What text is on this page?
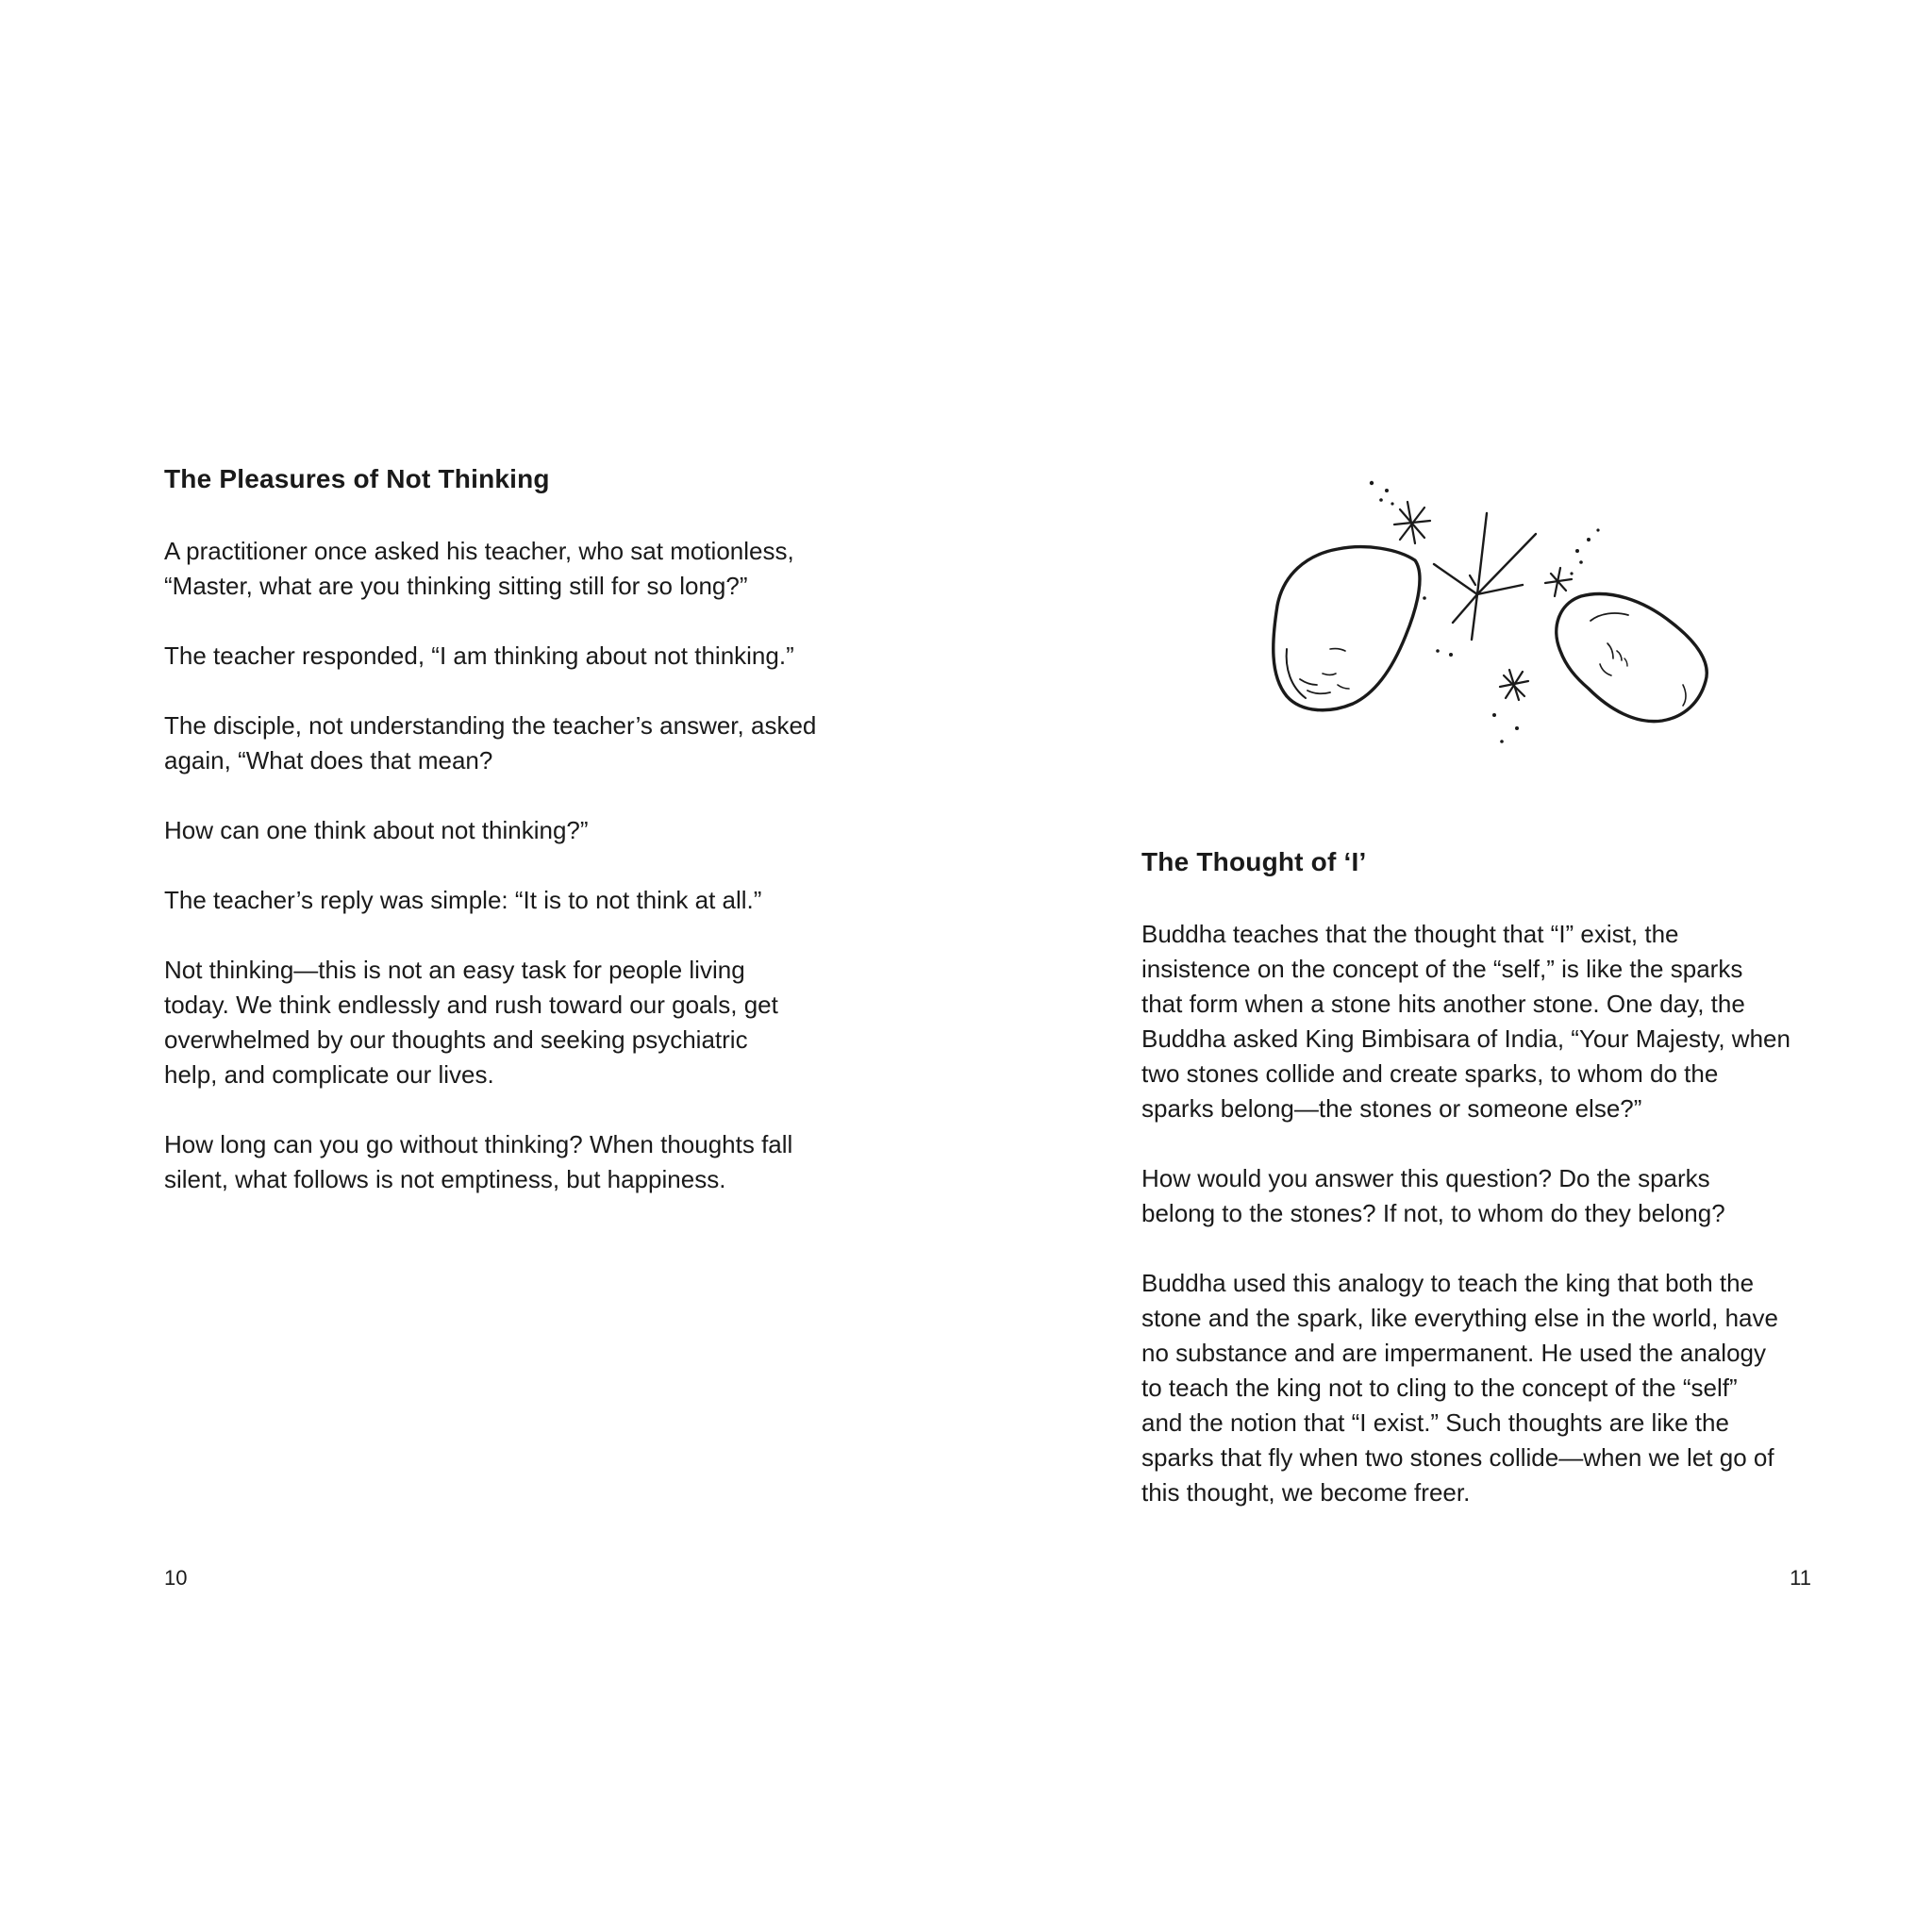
The Pleasures of Not Thinking

A practitioner once asked his teacher, who sat motionless,
“Master, what are you thinking sitting still for so long?”

The teacher responded, “I am thinking about not thinking.”

The disciple, not understanding the teacher’s answer, asked
again, “What does that mean?

How can one think about not thinking?”

The teacher’s reply was simple: “It is to not think at all.”

Not thinking—this is not an easy task for people living
today. We think endlessly and rush toward our goals, get
overwhelmed by our thoughts and seeking psychiatric
help, and complicate our lives.

How long can you go without thinking? When thoughts fall
silent, what follows is not emptiness, but happiness.

10
The Thought of ‘I’

Buddha teaches that the thought that “I” exist, the
insistence on the concept of the “self,” is like the sparks
that form when a stone hits another stone. One day, the
Buddha asked King Bimbisara of India, “Your Majesty, when
two stones collide and create sparks, to whom do the
sparks belong—the stones or someone else?”

How would you answer this question? Do the sparks
belong to the stones? If not, to whom do they belong?

Buddha used this analogy to teach the king that both the
stone and the spark, like everything else in the world, have
no substance and are impermanent. He used the analogy
to teach the king not to cling to the concept of the “self”
and the notion that “I exist.” Such thoughts are like the
sparks that fly when two stones collide—when we let go of
this thought, we become freer.

11
